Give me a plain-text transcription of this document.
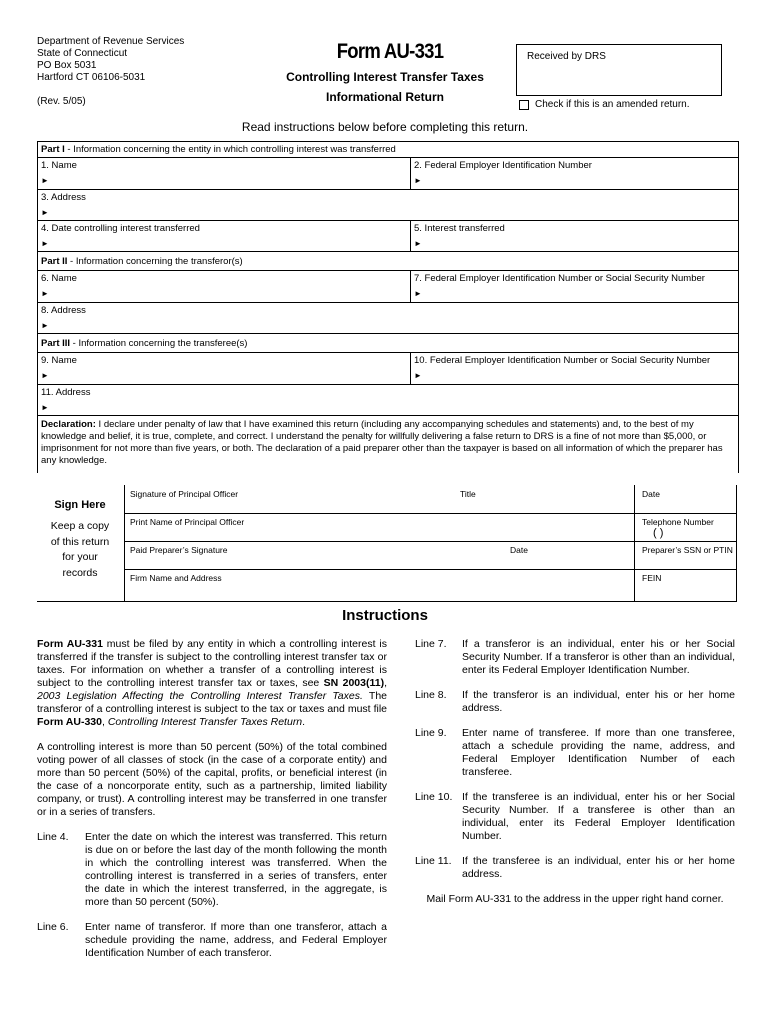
Department of Revenue Services
State of Connecticut
PO Box 5031
Hartford CT 06106-5031
(Rev. 5/05)
Form AU-331
Controlling Interest Transfer Taxes
Informational Return
Received by DRS
Check if this is an amended return.
Read instructions below before completing this return.
Part I - Information concerning the entity in which controlling interest was transferred
1. Name
►
2. Federal Employer Identification Number
►
3. Address
►
4. Date controlling interest transferred
►
5. Interest transferred
►
Part II - Information concerning the transferor(s)
6. Name
►
7. Federal Employer Identification Number or Social Security Number
►
8. Address
►
Part III - Information concerning the transferee(s)
9. Name
►
10. Federal Employer Identification Number or Social Security Number
►
11. Address
►
Declaration: I declare under penalty of law that I have examined this return (including any accompanying schedules and statements) and, to the best of my knowledge and belief, it is true, complete, and correct. I understand the penalty for willfully delivering a false return to DRS is a fine of not more than $5,000, or imprisonment for not more than five years, or both. The declaration of a paid preparer other than the taxpayer is based on all information of which the preparer has any knowledge.
Sign Here
Keep a copy
of this return
for your
records
Signature of Principal Officer	Title	Date
Print Name of Principal Officer	Telephone Number
( )
Paid Preparer’s Signature	Date	Preparer’s SSN or PTIN
Firm Name and Address	FEIN
Instructions

Form AU-331 must be filed by any entity in which a controlling interest is transferred if the transfer is subject to the controlling interest transfer tax or taxes. For information on whether a transfer of a controlling interest is subject to the controlling interest transfer tax or taxes, see SN 2003(11), 2003 Legislation Affecting the Controlling Interest Transfer Taxes. The transferor of a controlling interest is subject to the tax or taxes and must file Form AU-330, Controlling Interest Transfer Taxes Return.

A controlling interest is more than 50 percent (50%) of the total combined voting power of all classes of stock (in the case of a corporate entity) and more than 50 percent (50%) of the capital, profits, or beneficial interest (in the case of a noncorporate entity, such as a partnership, limited liability company, or trust). A controlling interest may be transferred in one transfer or in a series of transfers.

Line 4.	Enter the date on which the interest was transferred. This return is due on or before the last day of the month following the month in which the controlling interest was transferred. When the controlling interest is transferred in a series of transfers, enter the date in which the interest transferred, in the aggregate, is more than 50 percent (50%).
Line 6.	Enter name of transferor. If more than one transferor, attach a schedule providing the name, address, and Federal Employer Identification Number of each transferor.
Line 7.	If a transferor is an individual, enter his or her Social Security Number. If a transferor is other than an individual, enter its Federal Employer Identification Number.
Line 8.	If the transferor is an individual, enter his or her home address.
Line 9.	Enter name of transferee. If more than one transferee, attach a schedule providing the name, address, and Federal Employer Identification Number of each transferee.
Line 10. If the transferee is an individual, enter his or her Social Security Number. If a transferee is other than an individual, enter its Federal Employer Identification Number.
Line 11. If the transferee is an individual, enter his or her home address.

Mail Form AU-331 to the address in the upper right hand corner.
